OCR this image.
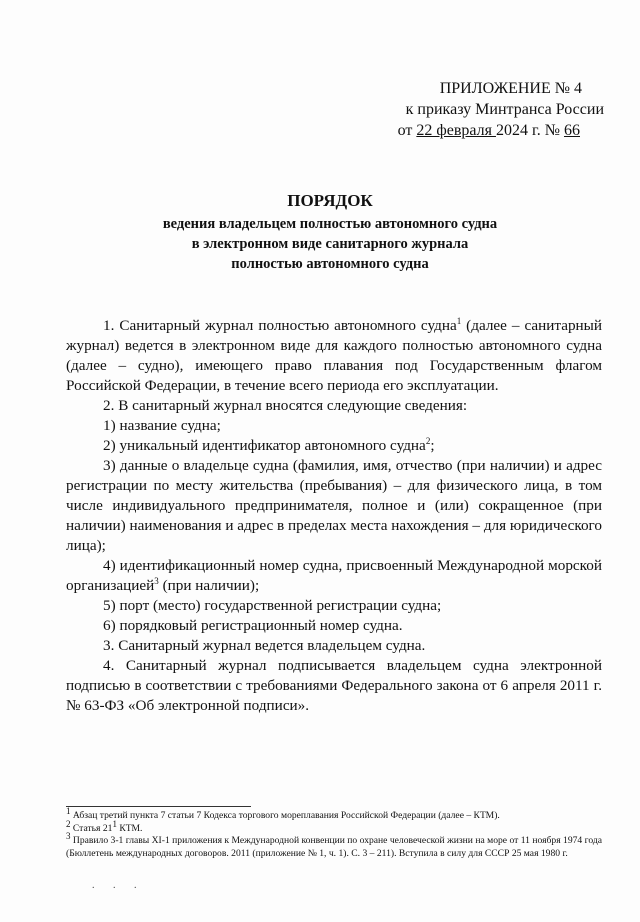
ПРИЛОЖЕНИЕ № 4
к приказу Минтранса России
от 22 февраля 2024 г. № 66
ПОРЯДОК
ведения владельцем полностью автономного судна
в электронном виде санитарного журнала
полностью автономного судна

1. Санитарный журнал полностью автономного судна$^1$ (далее – санитарный журнал) ведется в электронном виде для каждого полностью автономного судна (далее – судно), имеющего право плавания под Государственным флагом Российской Федерации, в течение всего периода его эксплуатации.

2. В санитарный журнал вносятся следующие сведения:

1) название судна;

2) уникальный идентификатор автономного судна$^2$;

3) данные о владельце судна (фамилия, имя, отчество (при наличии) и адрес регистрации по месту жительства (пребывания) – для физического лица, в том числе индивидуального предпринимателя, полное и (или) сокращенное (при наличии) наименования и адрес в пределах места нахождения – для юридического лица);

4) идентификационный номер судна, присвоенный Международной морской организацией$^3$ (при наличии);

5) порт (место) государственной регистрации судна;

6) порядковый регистрационный номер судна.

3. Санитарный журнал ведется владельцем судна.

4. Санитарный журнал подписывается владельцем судна электронной подписью в соответствии с требованиями Федерального закона от 6 апреля 2011 г. № 63-ФЗ «Об электронной подписи».

$^1$ Абзац третий пункта 7 статьи 7 Кодекса торгового мореплавания Российской Федерации (далее – КТМ).

$^2$ Статья $21^1$ КТМ.

$^3$ Правило 3-1 главы XI-1 приложения к Международной конвенции по охране человеческой жизни на море от 11 ноября 1974 года (Бюллетень международных договоров. 2011 (приложение № 1, ч. 1). С. 3 – 211). Вступила в силу для СССР 25 мая 1980 г.

. . .
